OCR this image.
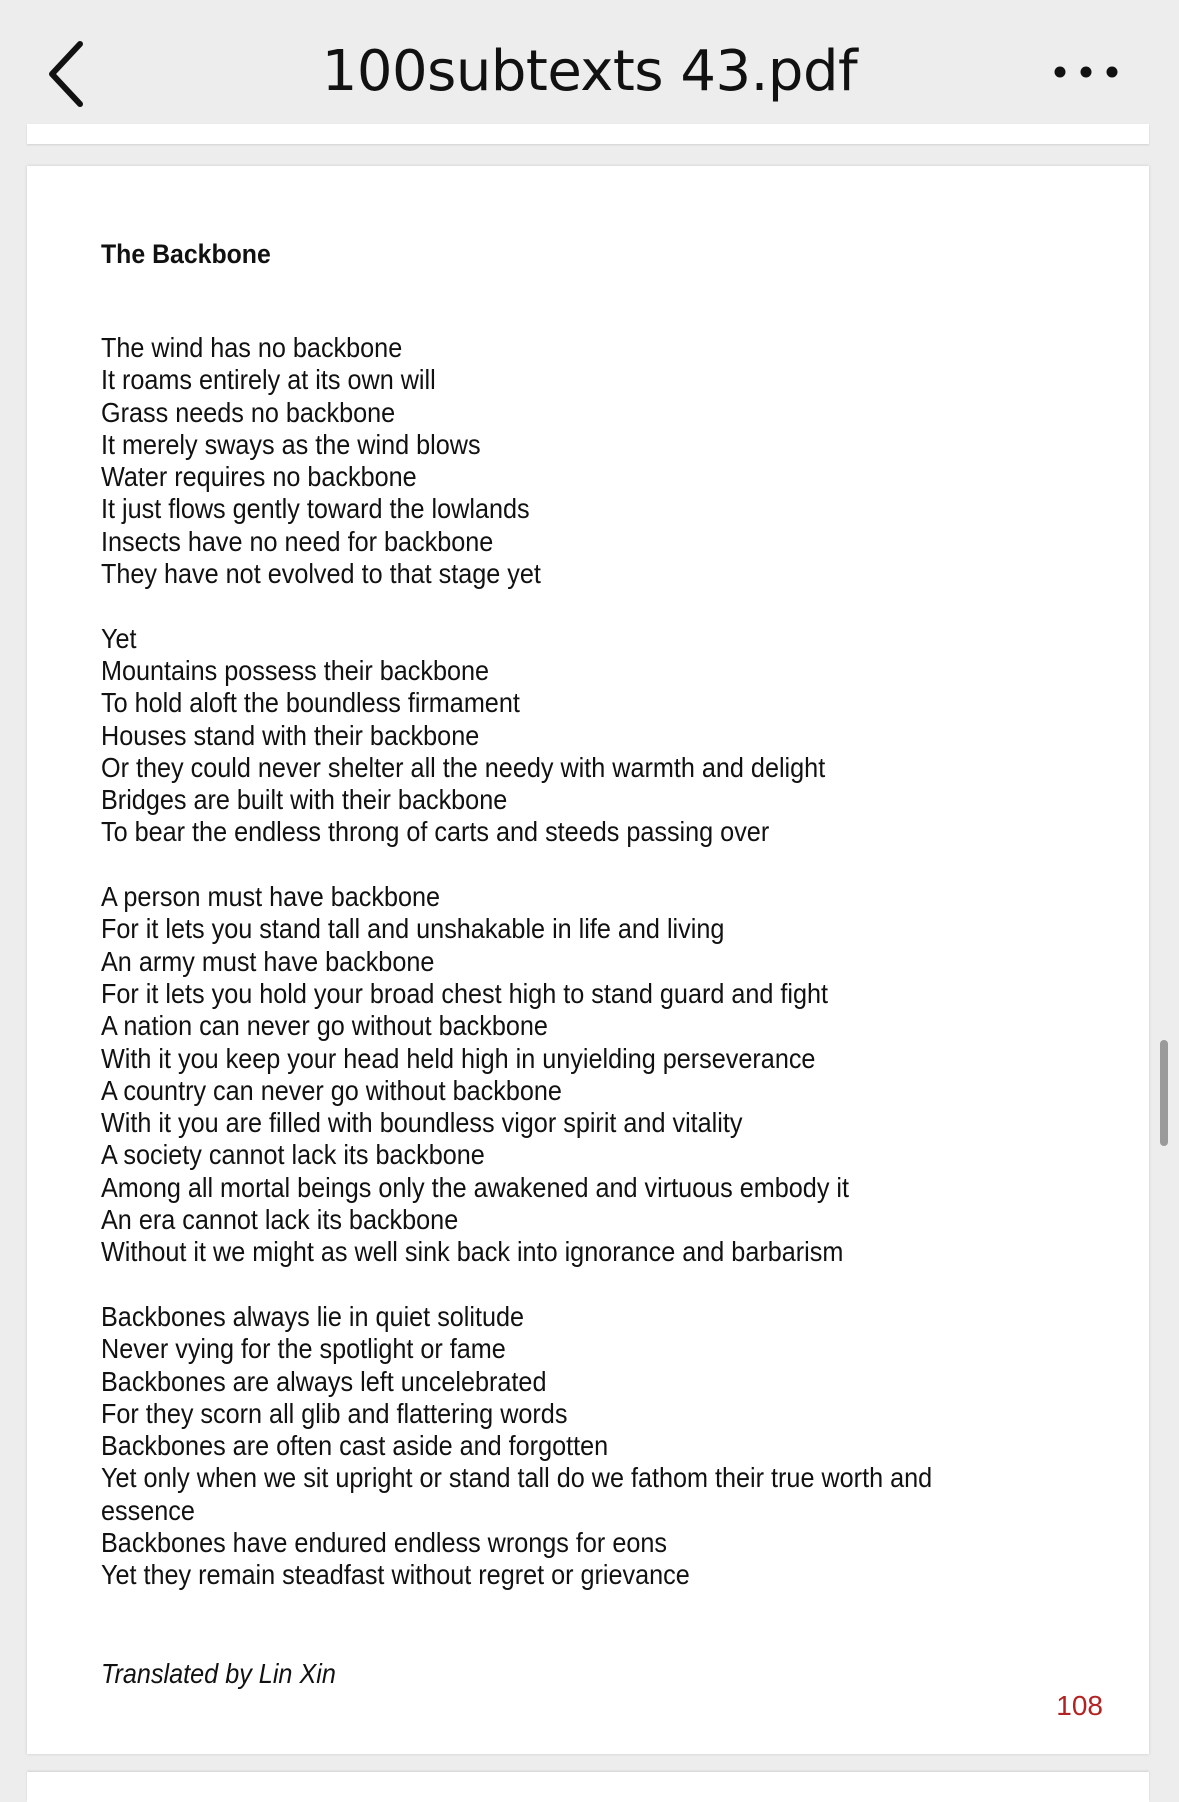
100subtexts 43.pdf
The Backbone
The wind has no backbone
It roams entirely at its own will
Grass needs no backbone
It merely sways as the wind blows
Water requires no backbone
It just flows gently toward the lowlands
Insects have no need for backbone
They have not evolved to that stage yet
Yet
Mountains possess their backbone
To hold aloft the boundless firmament
Houses stand with their backbone
Or they could never shelter all the needy with warmth and delight
Bridges are built with their backbone
To bear the endless throng of carts and steeds passing over
A person must have backbone
For it lets you stand tall and unshakable in life and living
An army must have backbone
For it lets you hold your broad chest high to stand guard and fight
A nation can never go without backbone
With it you keep your head held high in unyielding perseverance
A country can never go without backbone
With it you are filled with boundless vigor spirit and vitality
A society cannot lack its backbone
Among all mortal beings only the awakened and virtuous embody it
An era cannot lack its backbone
Without it we might as well sink back into ignorance and barbarism
Backbones always lie in quiet solitude
Never vying for the spotlight or fame
Backbones are always left uncelebrated
For they scorn all glib and flattering words
Backbones are often cast aside and forgotten
Yet only when we sit upright or stand tall do we fathom their true worth and
essence
Backbones have endured endless wrongs for eons
Yet they remain steadfast without regret or grievance
Translated by Lin Xin
108
